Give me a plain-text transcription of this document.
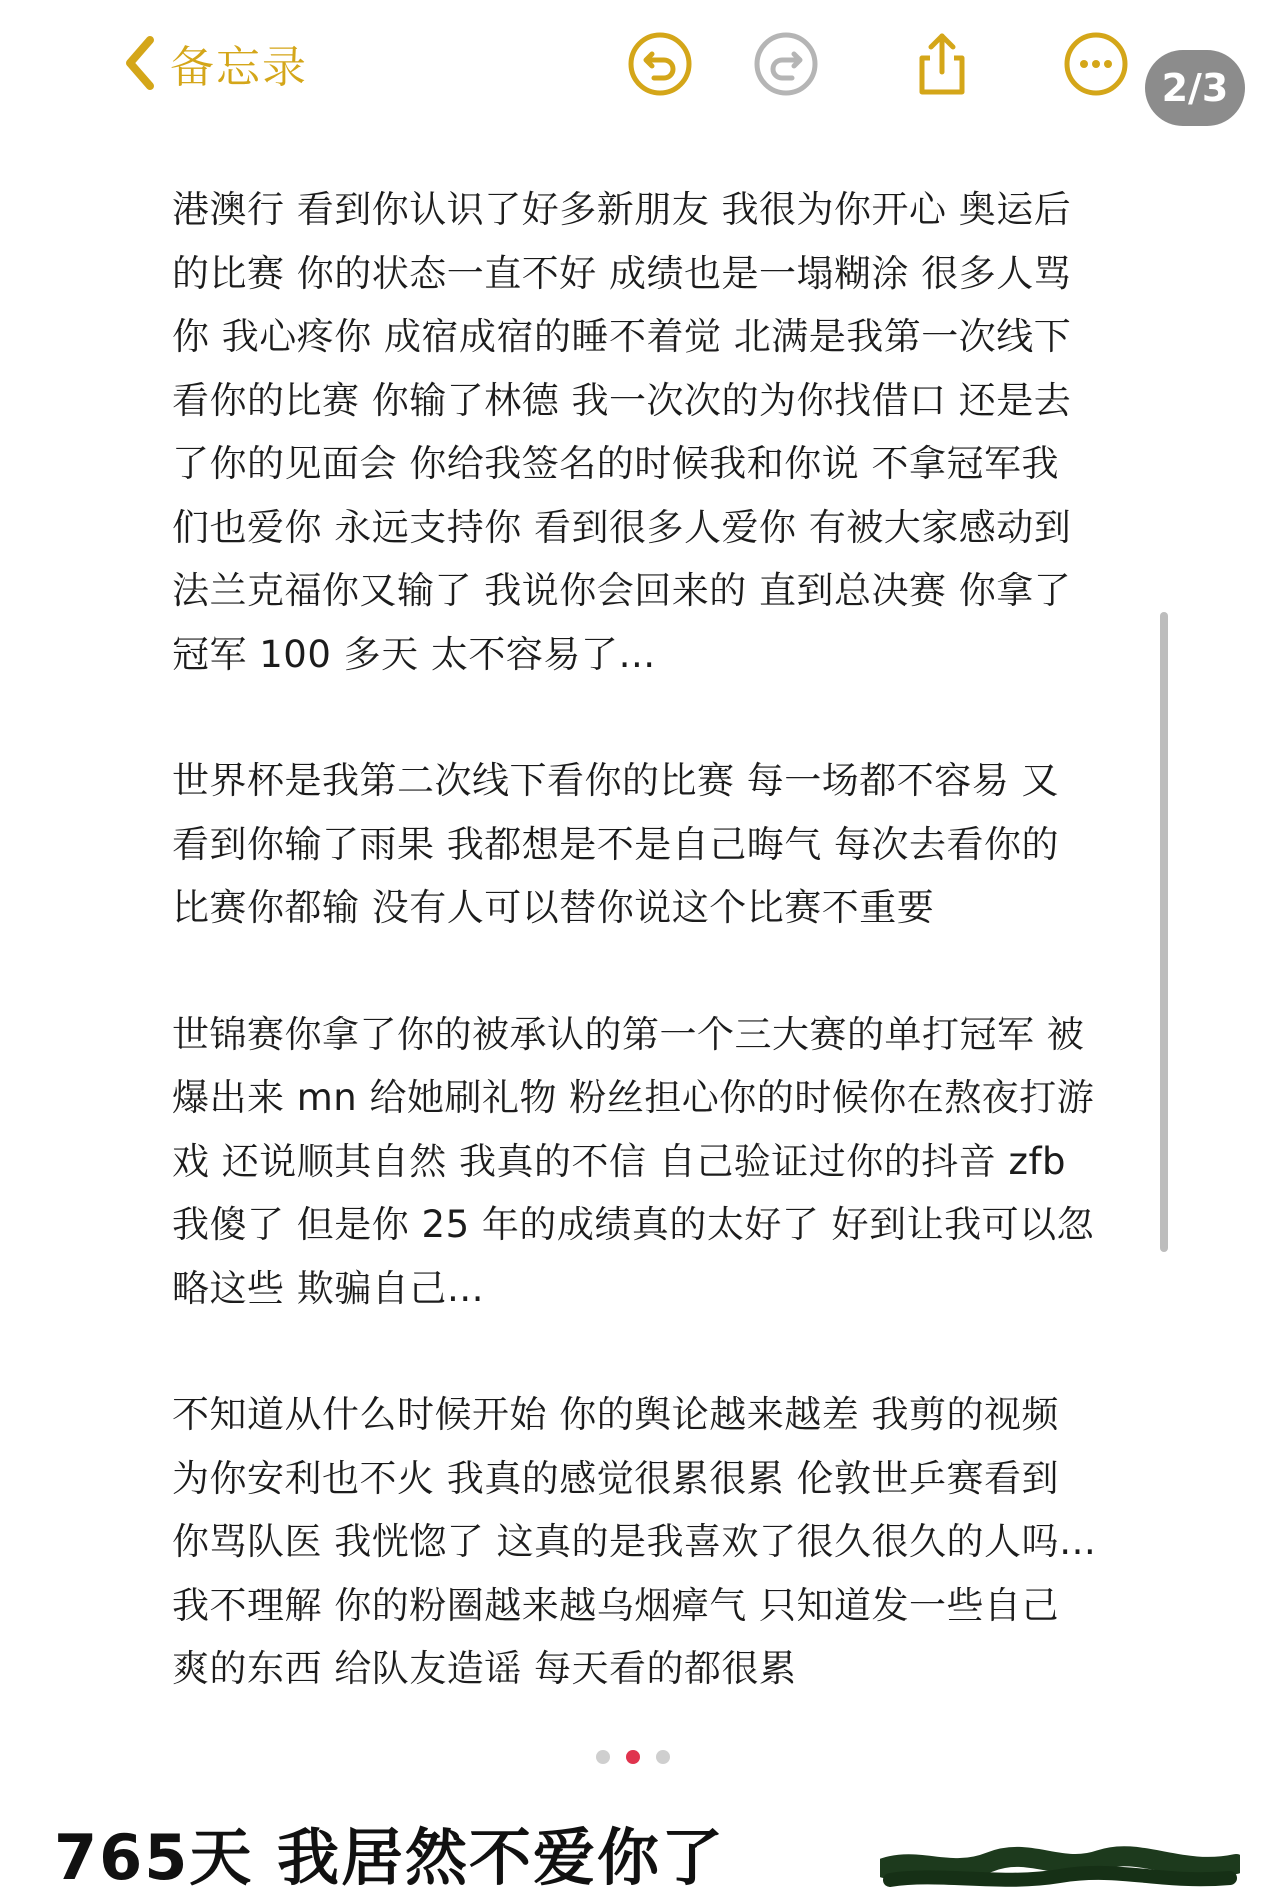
备忘录	2/3

港澳行 看到你认识了好多新朋友 我很为你开心 奥运后
的比赛 你的状态一直不好 成绩也是一塌糊涂 很多人骂
你 我心疼你 成宿成宿的睡不着觉 北满是我第一次线下
看你的比赛 你输了林德 我一次次的为你找借口 还是去
了你的见面会 你给我签名的时候我和你说 不拿冠军我
们也爱你 永远支持你 看到很多人爱你 有被大家感动到
法兰克福你又输了 我说你会回来的 直到总决赛 你拿了
冠军 100 多天 太不容易了…

世界杯是我第二次线下看你的比赛 每一场都不容易 又
看到你输了雨果 我都想是不是自己晦气 每次去看你的
比赛你都输 没有人可以替你说这个比赛不重要

世锦赛你拿了你的被承认的第一个三大赛的单打冠军 被
爆出来 mn 给她刷礼物 粉丝担心你的时候你在熬夜打游
戏 还说顺其自然 我真的不信 自己验证过你的抖音 zfb
我傻了 但是你 25 年的成绩真的太好了 好到让我可以忽
略这些 欺骗自己…

不知道从什么时候开始 你的舆论越来越差 我剪的视频
为你安利也不火 我真的感觉很累很累 伦敦世乒赛看到
你骂队医 我恍惚了 这真的是我喜欢了很久很久的人吗…
我不理解 你的粉圈越来越乌烟瘴气 只知道发一些自己
爽的东西 给队友造谣 每天看的都很累

765天 我居然不爱你了
